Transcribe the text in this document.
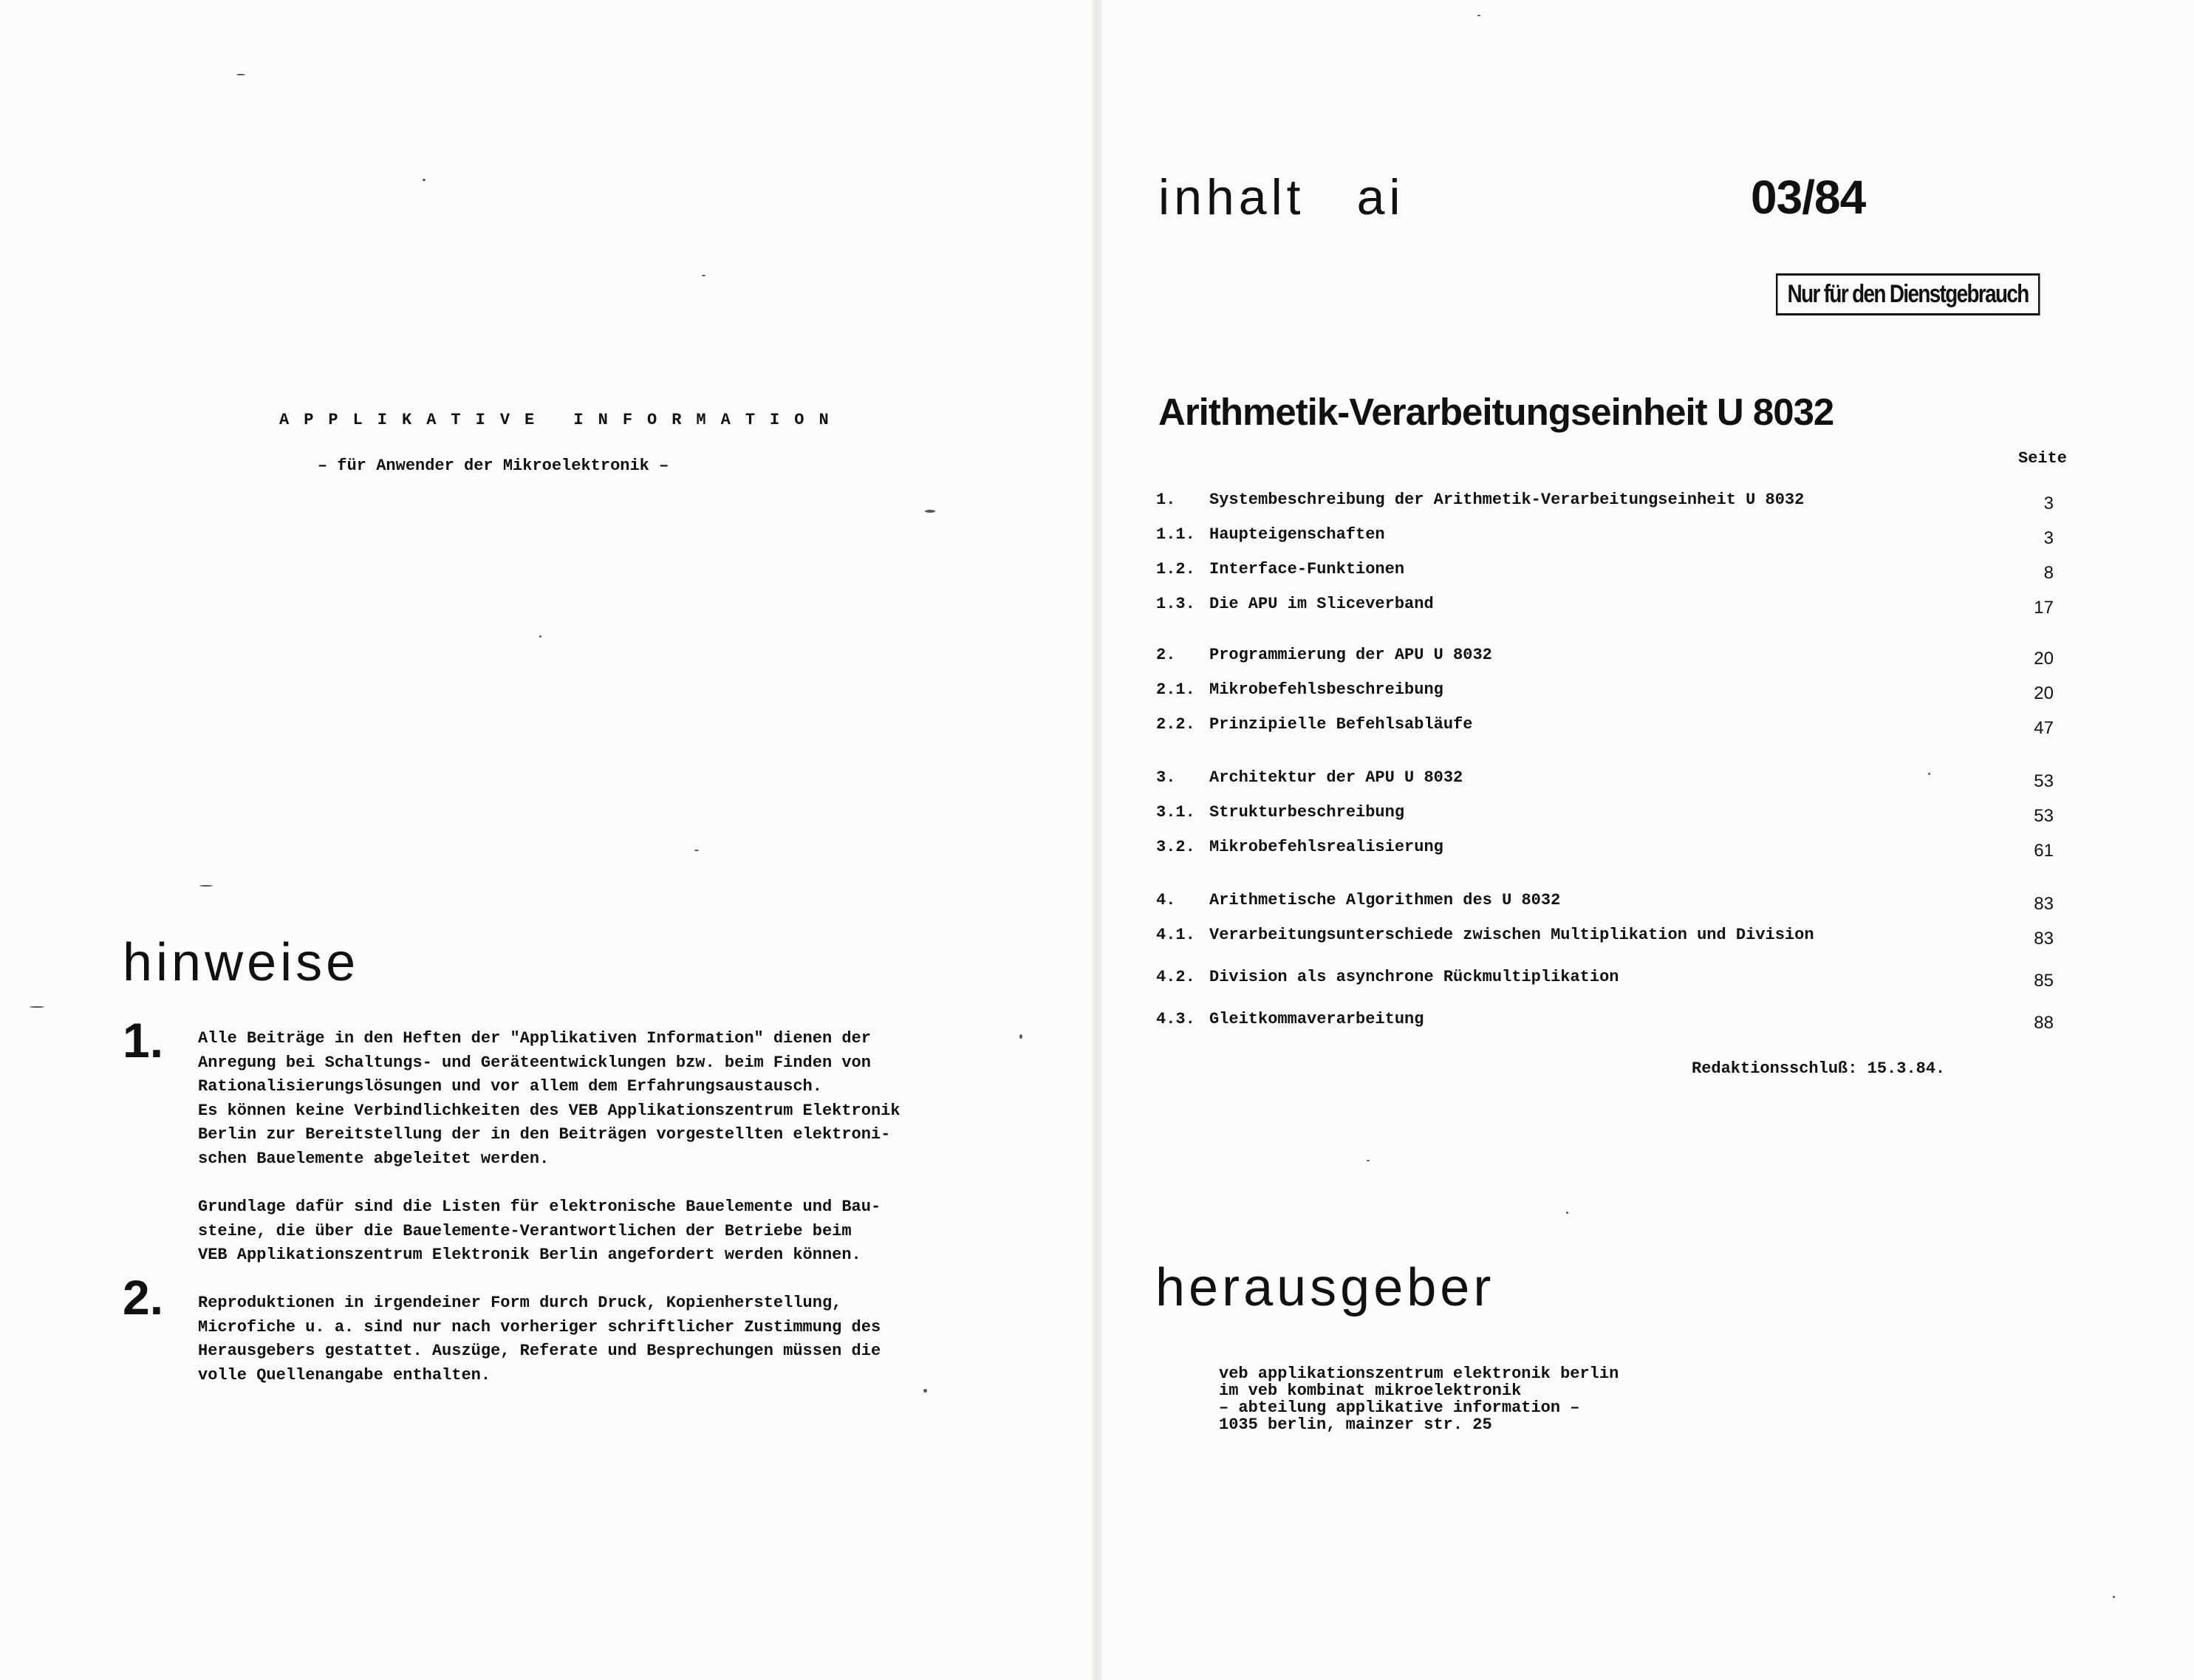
APPLIKATIVE INFORMATION
– für Anwender der Mikroelektronik –
hinweise
1. Alle Beiträge in den Heften der "Applikativen Information" dienen der
Anregung bei Schaltungs- und Geräteentwicklungen bzw. beim Finden von
Rationalisierungslösungen und vor allem dem Erfahrungsaustausch.
Es können keine Verbindlichkeiten des VEB Applikationszentrum Elektronik
Berlin zur Bereitstellung der in den Beiträgen vorgestellten elektroni-
schen Bauelemente abgeleitet werden.
Grundlage dafür sind die Listen für elektronische Bauelemente und Bau-
steine, die über die Bauelemente-Verantwortlichen der Betriebe beim
VEB Applikationszentrum Elektronik Berlin angefordert werden können.
2. Reproduktionen in irgendeiner Form durch Druck, Kopienherstellung,
Microfiche u. a. sind nur nach vorheriger schriftlicher Zustimmung des
Herausgebers gestattet. Auszüge, Referate und Besprechungen müssen die
volle Quellenangabe enthalten.
inhalt ai	03/84
Nur für den Dienstgebrauch
Arithmetik-Verarbeitungseinheit U 8032
Seite
1. Systembeschreibung der Arithmetik-Verarbeitungseinheit U 8032	3
1.1. Haupteigenschaften	3
1.2. Interface-Funktionen	8
1.3. Die APU im Sliceverband	17
2. Programmierung der APU U 8032	20
2.1. Mikrobefehlsbeschreibung	20
2.2. Prinzipielle Befehlsabläufe	47
3. Architektur der APU U 8032	53
3.1. Strukturbeschreibung	53
3.2. Mikrobefehlsrealisierung	61
4. Arithmetische Algorithmen des U 8032	83
4.1. Verarbeitungsunterschiede zwischen Multiplikation und Division	83
4.2. Division als asynchrone Rückmultiplikation	85
4.3. Gleitkommaverarbeitung	88
Redaktionsschluß: 15.3.84.
herausgeber
veb applikationszentrum elektronik berlin
im veb kombinat mikroelektronik
– abteilung applikative information –
1035 berlin, mainzer str. 25
